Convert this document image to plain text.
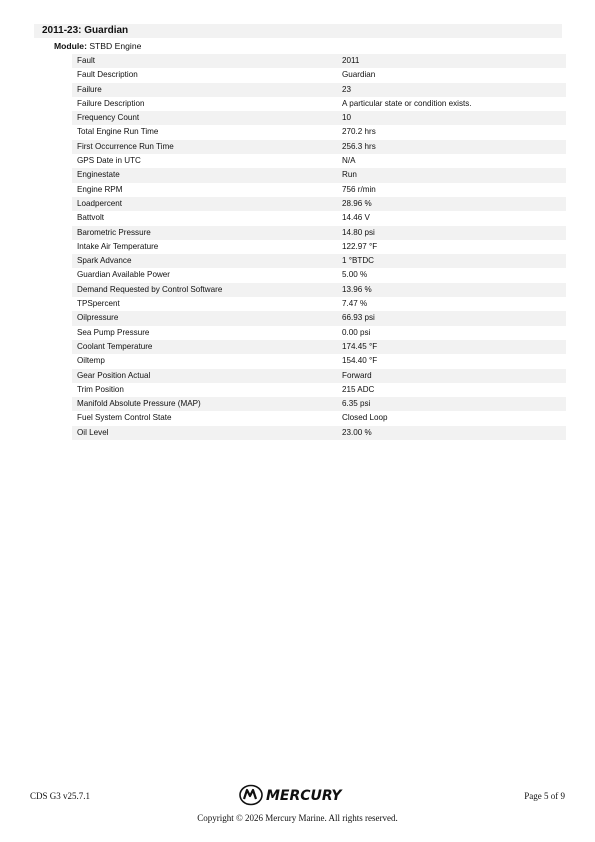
2011-23: Guardian
Module: STBD Engine
Fault	2011
Fault Description	Guardian
Failure	23
Failure Description	A particular state or condition exists.
Frequency Count	10
Total Engine Run Time	270.2 hrs
First Occurrence Run Time	256.3 hrs
GPS Date in UTC	N/A
Enginestate	Run
Engine RPM	756 r/min
Loadpercent	28.96 %
Battvolt	14.46 V
Barometric Pressure	14.80 psi
Intake Air Temperature	122.97 °F
Spark Advance	1 °BTDC
Guardian Available Power	5.00 %
Demand Requested by Control Software	13.96 %
TPSpercent	7.47 %
Oilpressure	66.93 psi
Sea Pump Pressure	0.00 psi
Coolant Temperature	174.45 °F
Oiltemp	154.40 °F
Gear Position Actual	Forward
Trim Position	215 ADC
Manifold Absolute Pressure (MAP)	6.35 psi
Fuel System Control State	Closed Loop
Oil Level	23.00 %
CDS G3 v25.7.1	MERCURY	Page 5 of 9
Copyright © 2026 Mercury Marine. All rights reserved.
